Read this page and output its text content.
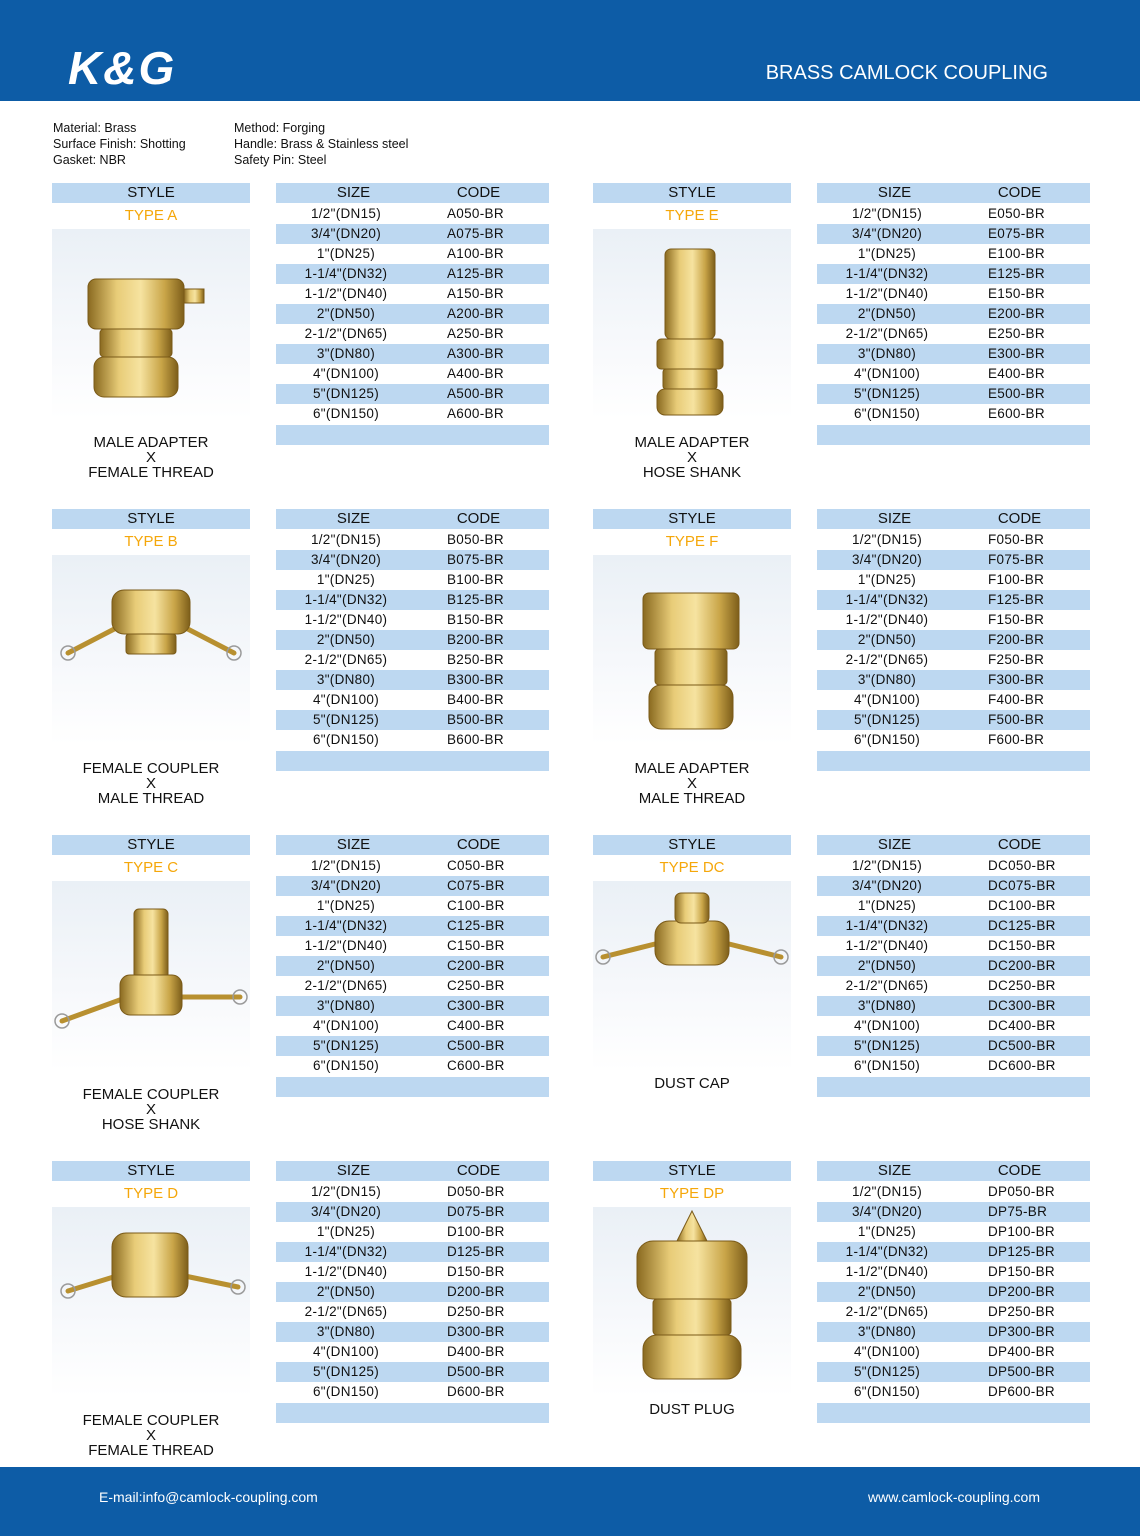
K&G	BRASS CAMLOCK COUPLING
Material: Brass
Surface Finish: Shotting
Gasket: NBR
Method: Forging
Handle: Brass & Stainless steel
Safety Pin: Steel
STYLE
TYPE A
MALE ADAPTER
X
FEMALE THREAD
SIZE	CODE
1/2"(DN15)	A050-BR
3/4"(DN20)	A075-BR
1"(DN25)	A100-BR
1-1/4"(DN32)	A125-BR
1-1/2"(DN40)	A150-BR
2"(DN50)	A200-BR
2-1/2"(DN65)	A250-BR
3"(DN80)	A300-BR
4"(DN100)	A400-BR
5"(DN125)	A500-BR
6"(DN150)	A600-BR
STYLE
TYPE E
MALE ADAPTER
X
HOSE SHANK
SIZE	CODE
1/2"(DN15)	E050-BR
3/4"(DN20)	E075-BR
1"(DN25)	E100-BR
1-1/4"(DN32)	E125-BR
1-1/2"(DN40)	E150-BR
2"(DN50)	E200-BR
2-1/2"(DN65)	E250-BR
3"(DN80)	E300-BR
4"(DN100)	E400-BR
5"(DN125)	E500-BR
6"(DN150)	E600-BR
STYLE
TYPE B
FEMALE COUPLER
X
MALE THREAD
SIZE	CODE
1/2"(DN15)	B050-BR
3/4"(DN20)	B075-BR
1"(DN25)	B100-BR
1-1/4"(DN32)	B125-BR
1-1/2"(DN40)	B150-BR
2"(DN50)	B200-BR
2-1/2"(DN65)	B250-BR
3"(DN80)	B300-BR
4"(DN100)	B400-BR
5"(DN125)	B500-BR
6"(DN150)	B600-BR
STYLE
TYPE F
MALE ADAPTER
X
MALE THREAD
SIZE	CODE
1/2"(DN15)	F050-BR
3/4"(DN20)	F075-BR
1"(DN25)	F100-BR
1-1/4"(DN32)	F125-BR
1-1/2"(DN40)	F150-BR
2"(DN50)	F200-BR
2-1/2"(DN65)	F250-BR
3"(DN80)	F300-BR
4"(DN100)	F400-BR
5"(DN125)	F500-BR
6"(DN150)	F600-BR
STYLE
TYPE C
FEMALE COUPLER
X
HOSE SHANK
SIZE	CODE
1/2"(DN15)	C050-BR
3/4"(DN20)	C075-BR
1"(DN25)	C100-BR
1-1/4"(DN32)	C125-BR
1-1/2"(DN40)	C150-BR
2"(DN50)	C200-BR
2-1/2"(DN65)	C250-BR
3"(DN80)	C300-BR
4"(DN100)	C400-BR
5"(DN125)	C500-BR
6"(DN150)	C600-BR
STYLE
TYPE DC
DUST CAP
SIZE	CODE
1/2"(DN15)	DC050-BR
3/4"(DN20)	DC075-BR
1"(DN25)	DC100-BR
1-1/4"(DN32)	DC125-BR
1-1/2"(DN40)	DC150-BR
2"(DN50)	DC200-BR
2-1/2"(DN65)	DC250-BR
3"(DN80)	DC300-BR
4"(DN100)	DC400-BR
5"(DN125)	DC500-BR
6"(DN150)	DC600-BR
STYLE
TYPE D
FEMALE COUPLER
X
FEMALE THREAD
SIZE	CODE
1/2"(DN15)	D050-BR
3/4"(DN20)	D075-BR
1"(DN25)	D100-BR
1-1/4"(DN32)	D125-BR
1-1/2"(DN40)	D150-BR
2"(DN50)	D200-BR
2-1/2"(DN65)	D250-BR
3"(DN80)	D300-BR
4"(DN100)	D400-BR
5"(DN125)	D500-BR
6"(DN150)	D600-BR
STYLE
TYPE DP
DUST PLUG
SIZE	CODE
1/2"(DN15)	DP050-BR
3/4"(DN20)	DP75-BR
1"(DN25)	DP100-BR
1-1/4"(DN32)	DP125-BR
1-1/2"(DN40)	DP150-BR
2"(DN50)	DP200-BR
2-1/2"(DN65)	DP250-BR
3"(DN80)	DP300-BR
4"(DN100)	DP400-BR
5"(DN125)	DP500-BR
6"(DN150)	DP600-BR
E-mail:info@camlock-coupling.com	www.camlock-coupling.com
